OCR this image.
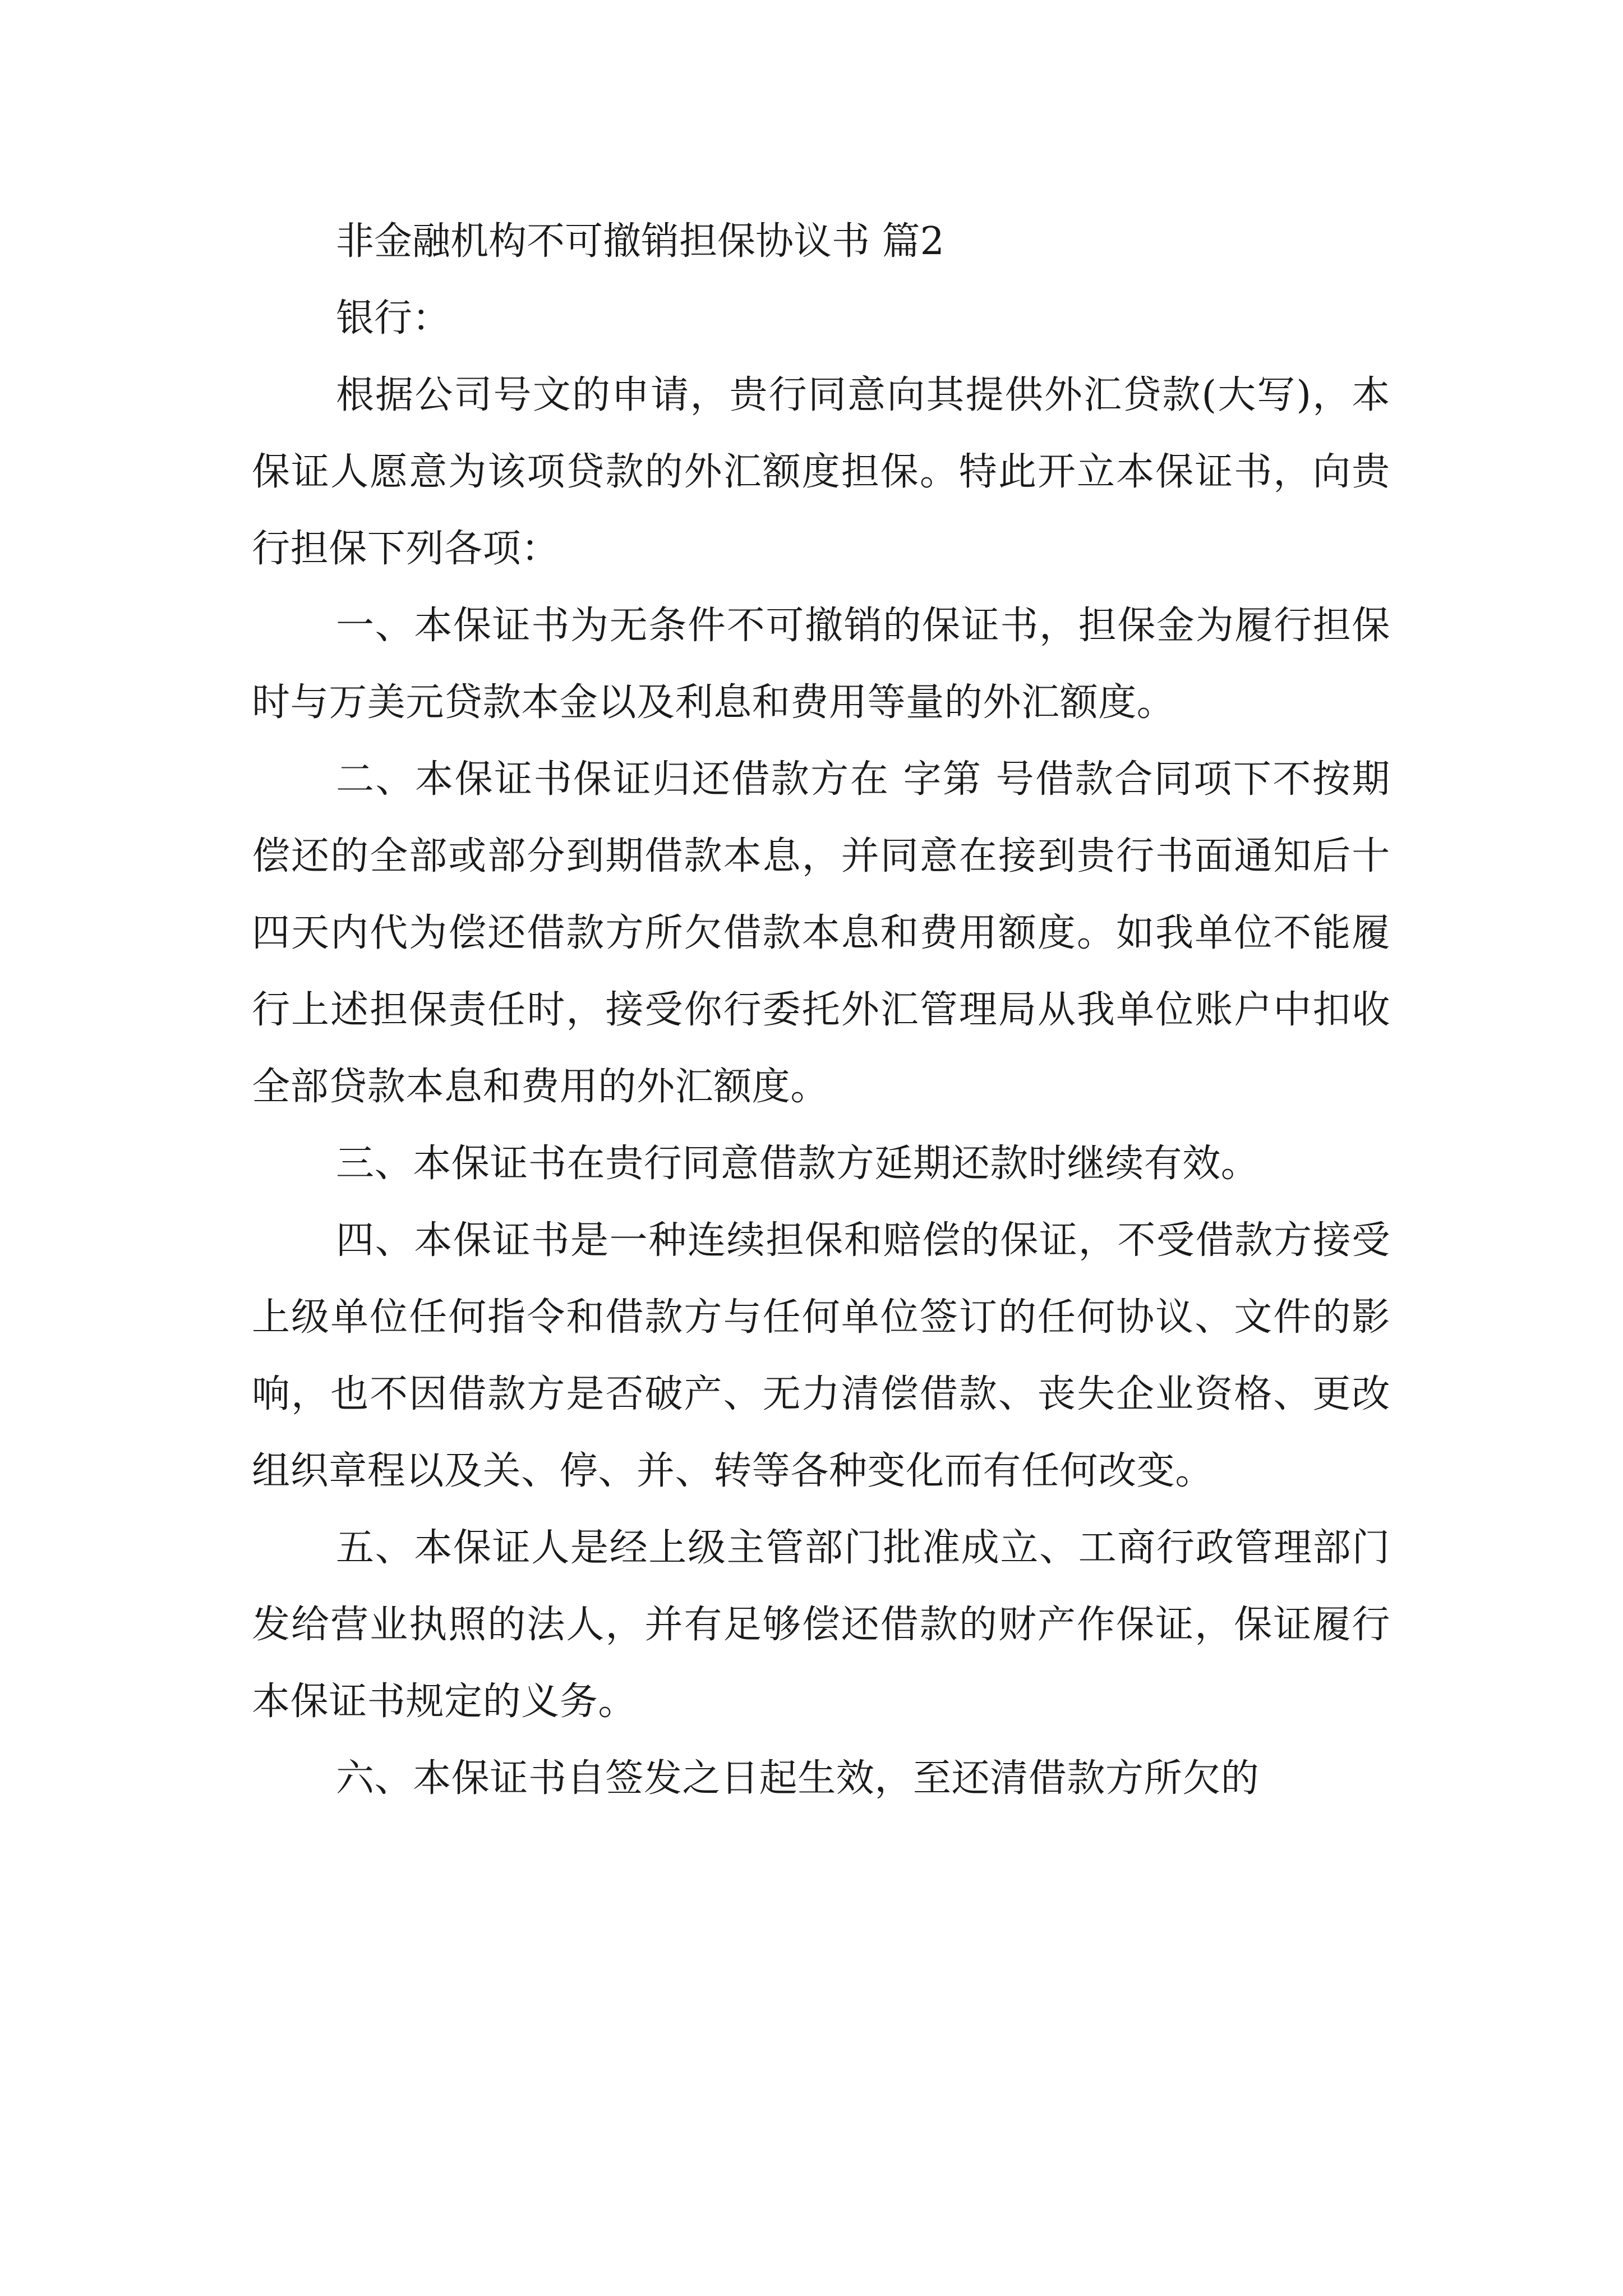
非金融机构不可撤销担保协议书 篇2

银行：

根据公司号文的申请，贵行同意向其提供外汇贷款(大写)，本保证人愿意为该项贷款的外汇额度担保。特此开立本保证书，向贵行担保下列各项：

一、本保证书为无条件不可撤销的保证书，担保金为履行担保时与万美元贷款本金以及利息和费用等量的外汇额度。

二、本保证书保证归还借款方在 字第 号借款合同项下不按期偿还的全部或部分到期借款本息，并同意在接到贵行书面通知后十四天内代为偿还借款方所欠借款本息和费用额度。如我单位不能履行上述担保责任时，接受你行委托外汇管理局从我单位账户中扣收全部贷款本息和费用的外汇额度。

三、本保证书在贵行同意借款方延期还款时继续有效。

四、本保证书是一种连续担保和赔偿的保证，不受借款方接受上级单位任何指令和借款方与任何单位签订的任何协议、文件的影响，也不因借款方是否破产、无力清偿借款、丧失企业资格、更改组织章程以及关、停、并、转等各种变化而有任何改变。

五、本保证人是经上级主管部门批准成立、工商行政管理部门发给营业执照的法人，并有足够偿还借款的财产作保证，保证履行本保证书规定的义务。

六、本保证书自签发之日起生效，至还清借款方所欠的
